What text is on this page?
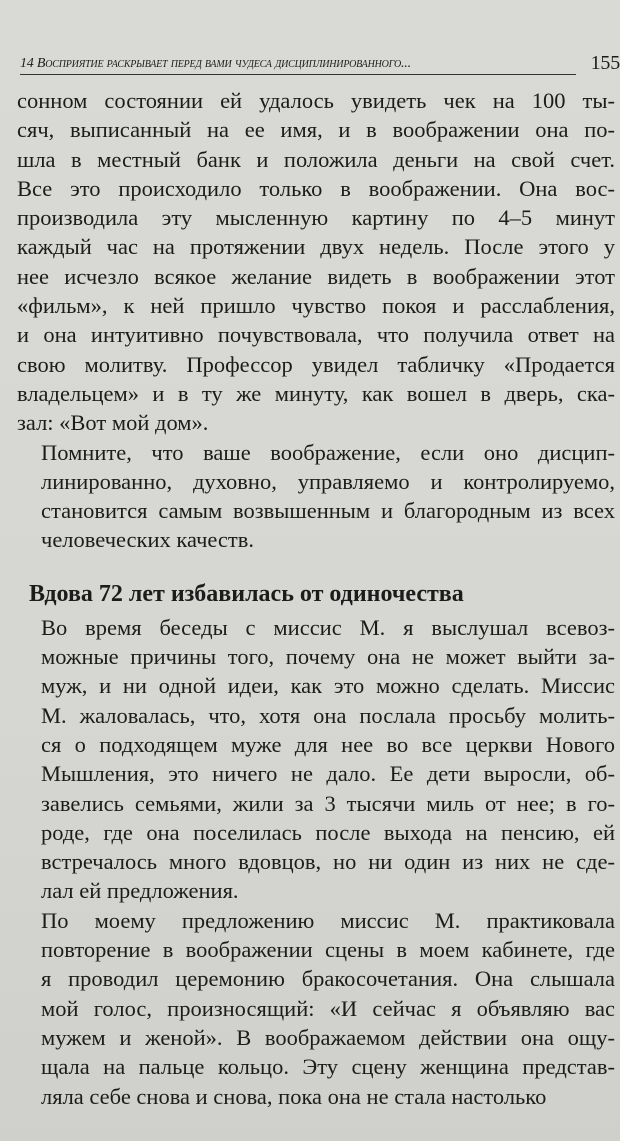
14 Восприятие раскрывает перед вами чудеса дисциплинированного...	155

сонном состоянии ей удалось увидеть чек на 100 ты-
сяч, выписанный на ее имя, и в воображении она по-
шла в местный банк и положила деньги на свой счет.
Все это происходило только в воображении. Она вос-
производила эту мысленную картину по 4–5 минут
каждый час на протяжении двух недель. После этого у
нее исчезло всякое желание видеть в воображении этот
«фильм», к ней пришло чувство покоя и расслабления,
и она интуитивно почувствовала, что получила ответ на
свою молитву. Профессор увидел табличку «Продается
владельцем» и в ту же минуту, как вошел в дверь, ска-
зал: «Вот мой дом».

Помните, что ваше воображение, если оно дисцип-
линированно, духовно, управляемо и контролируемо,
становится самым возвышенным и благородным из всех
человеческих качеств.

Вдова 72 лет избавилась от одиночества

Во время беседы с миссис М. я выслушал всевоз-
можные причины того, почему она не может выйти за-
муж, и ни одной идеи, как это можно сделать. Миссис
М. жаловалась, что, хотя она послала просьбу молить-
ся о подходящем муже для нее во все церкви Нового
Мышления, это ничего не дало. Ее дети выросли, об-
завелись семьями, жили за 3 тысячи миль от нее; в го-
роде, где она поселилась после выхода на пенсию, ей
встречалось много вдовцов, но ни один из них не сде-
лал ей предложения.

По моему предложению миссис М. практиковала
повторение в воображении сцены в моем кабинете, где
я проводил церемонию бракосочетания. Она слышала
мой голос, произносящий: «И сейчас я объявляю вас
мужем и женой». В воображаемом действии она ощу-
щала на пальце кольцо. Эту сцену женщина представ-
ляла себе снова и снова, пока она не стала настолько
